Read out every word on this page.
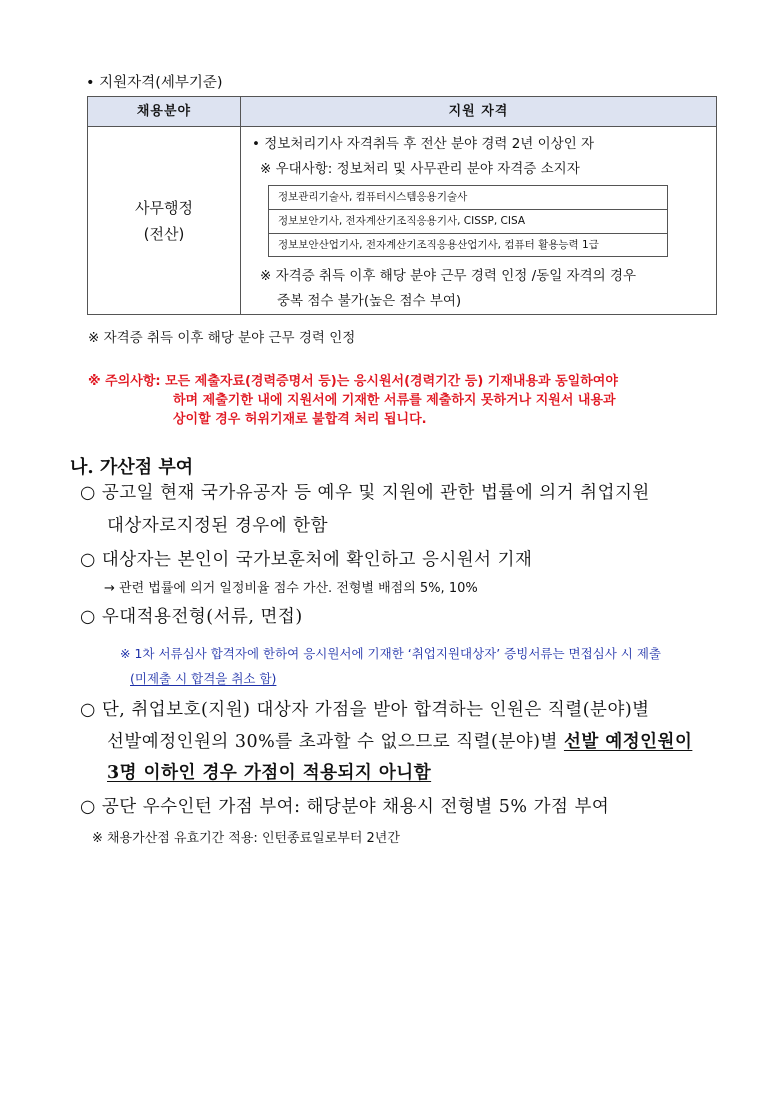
• 지원자격(세부기준)
채용분야	지원 자격
사무행정
(전산)
• 정보처리기사 자격취득 후 전산 분야 경력 2년 이상인 자
※ 우대사항: 정보처리 및 사무관리 분야 자격증 소지자
정보관리기술사, 컴퓨터시스템응용기술사
정보보안기사, 전자계산기조직응용기사, CISSP, CISA
정보보안산업기사, 전자계산기조직응용산업기사, 컴퓨터 활용능력 1급
※ 자격증 취득 이후 해당 분야 근무 경력 인정 /동일 자격의 경우
중복 점수 불가(높은 점수 부여)
※ 자격증 취득 이후 해당 분야 근무 경력 인정
※ 주의사항: 모든 제출자료(경력증명서 등)는 응시원서(경력기간 등) 기재내용과 동일하여야
하며 제출기한 내에 지원서에 기재한 서류를 제출하지 못하거나 지원서 내용과
상이할 경우 허위기재로 불합격 처리 됩니다.
나. 가산점 부여
○ 공고일 현재 국가유공자 등 예우 및 지원에 관한 법률에 의거 취업지원
대상자로지정된 경우에 한함
○ 대상자는 본인이 국가보훈처에 확인하고 응시원서 기재
→ 관련 법률에 의거 일정비율 점수 가산. 전형별 배점의 5%, 10%
○ 우대적용전형(서류, 면접)
※ 1차 서류심사 합격자에 한하여 응시원서에 기재한 ‘취업지원대상자’ 증빙서류는 면접심사 시 제출
(미제출 시 합격을 취소 함)
○ 단, 취업보호(지원) 대상자 가점을 받아 합격하는 인원은 직렬(분야)별
선발예정인원의 30%를 초과할 수 없으므로 직렬(분야)별 선발 예정인원이
3명 이하인 경우 가점이 적용되지 아니함
○ 공단 우수인턴 가점 부여: 해당분야 채용시 전형별 5% 가점 부여
※ 채용가산점 유효기간 적용: 인턴종료일로부터 2년간
